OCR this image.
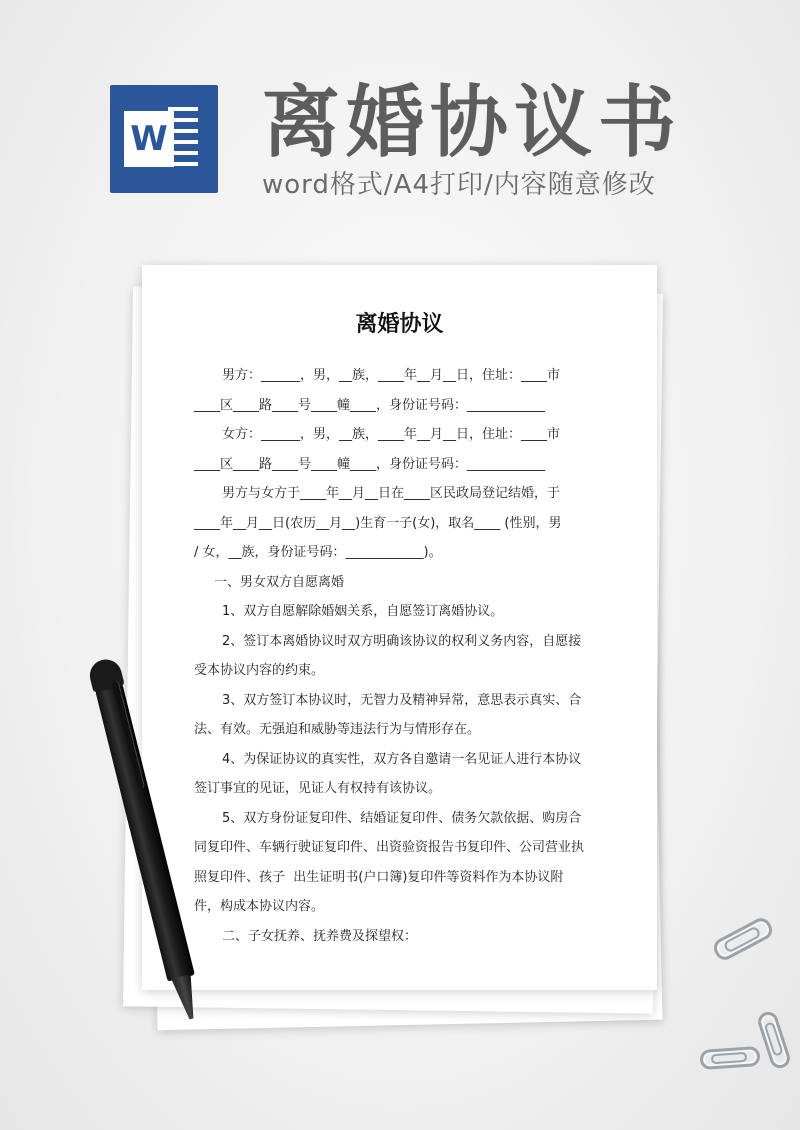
W 离婚协议书
word格式/A4打印/内容随意修改
离婚协议

男方：______，男，__族，____年__月__日，住址：____市

____区____路____号____幢____，身份证号码：____________

女方：______，男，__族，____年__月__日，住址：____市

____区____路____号____幢____，身份证号码：____________

男方与女方于____年__月__日在____区民政局登记结婚，于

____年__月__日(农历__月__)生育一子(女)，取名____ (性别，男

/ 女，__族，身份证号码：____________)。

一、男女双方自愿离婚

1、双方自愿解除婚姻关系，自愿签订离婚协议。

2、签订本离婚协议时双方明确该协议的权利义务内容，自愿接

受本协议内容的约束。

3、双方签订本协议时，无智力及精神异常，意思表示真实、合

法、有效。无强迫和威胁等违法行为与情形存在。

4、为保证协议的真实性，双方各自邀请一名见证人进行本协议

签订事宜的见证，见证人有权持有该协议。

5、双方身份证复印件、结婚证复印件、债务欠款依据、购房合

同复印件、车辆行驶证复印件、出资验资报告书复印件、公司营业执

照复印件、孩子  出生证明书(户口簿)复印件等资料作为本协议附

件，构成本协议内容。

二、子女抚养、抚养费及探望权：
